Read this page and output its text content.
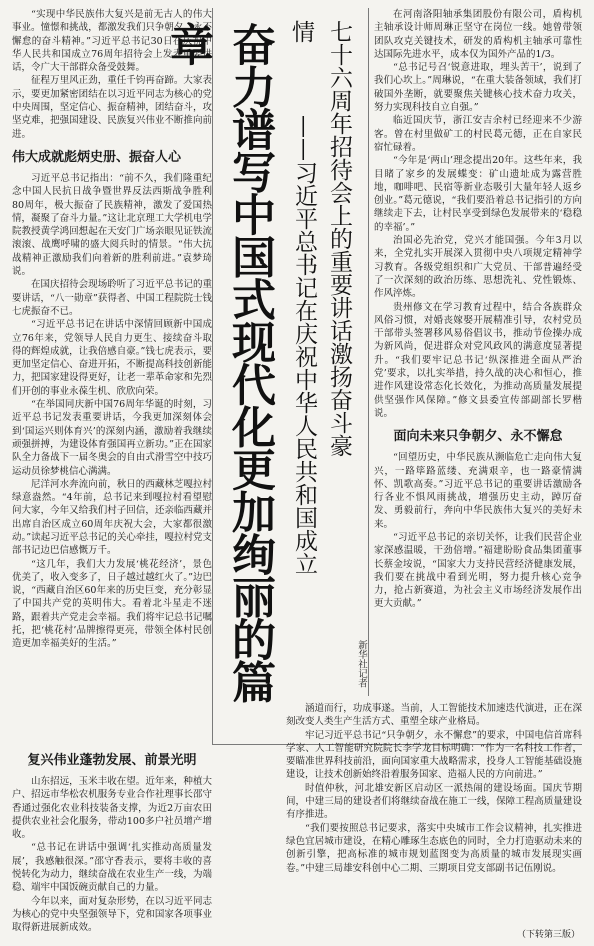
“实现中华民族伟大复兴是前无古人的伟大事业。憧憬和挑战，都激发我们只争朝夕、永不懈怠的奋斗精神。”习近平总书记30日在庆祝中华人民共和国成立76周年招待会上发表重要讲话，令广大干部群众备受鼓舞。

征程万里风正劲，重任千钧再奋蹄。大家表示，要更加紧密团结在以习近平同志为核心的党中央周围，坚定信心、振奋精神，团结奋斗，攻坚克难，把强国建设、民族复兴伟业不断推向前进。

伟大成就彪炳史册、振奋人心

习近平总书记指出：“前不久，我们隆重纪念中国人民抗日战争暨世界反法西斯战争胜利80周年，极大振奋了民族精神，激发了爱国热情，凝聚了奋斗力量。”这让北京理工大学机电学院教授黄学鸿回想起在天安门广场亲眼见证铁流滚滚、战鹰呼啸的盛大阅兵时的情景。“伟大抗战精神正激励我们向着新的胜利前进。”袁梦琦说。

在国庆招待会现场聆听了习近平总书记的重要讲话，“八一勋章”获得者、中国工程院院士钱七虎振奋不已。

“习近平总书记在讲话中深情回顾新中国成立76年来，党领导人民自力更生、接续奋斗取得的辉煌成就，让我倍感自豪。”钱七虎表示，要更加坚定信心、奋进开拓，不断提高科技创新能力，把国家建设得更好，让老一辈革命家和先烈们开创的事业永葆生机、欣欣向荣。

“在举国同庆新中国76周年华诞的时刻，习近平总书记发表重要讲话，今我更加深刻体会到‘国运兴则体育兴’的深刻内涵，激励着我继续顽强拼搏，为建设体育强国再立新功。”正在国家队全力备战下一届冬奥会的自由式滑雪空中技巧运动员徐梦桃信心满满。

尼洋河水奔流向前，秋日的西藏林芝嘎拉村绿意盎然。“4年前，总书记来到嘎拉村看望慰问大家，今年又给我们村子回信，还亲临西藏并出席自治区成立60周年庆祝大会，大家都很激动。”读起习近平总书记的关心牵挂，嘎拉村党支部书记边巴信感慨万千。

“这几年，我们大力发展‘桃花经济’，景色优美了，收入变多了，日子越过越红火了。”边巴说，“西藏自治区60年来的历史巨变，充分彰显了中国共产党的英明伟大。看着北斗星走不迷路，跟着共产党走会幸福。我们将牢记总书记嘱托，把‘桃花村’品牌擦得更亮，带领全体村民创造更加幸福美好的生活。”	奋力谱写中国式现代化更加绚丽的篇章	七十六周年招待会上的重要讲话激扬奋斗豪情
——习近平总书记在庆祝中华人民共和国成立
新华社记者

在河南洛阳轴承集团股份有限公司，盾构机主轴承设计师周琳正坚守在岗位一线。她曾带领团队攻克关键技术，研发的盾构机主轴承可靠性达国际先进水平，成本仅为国外产品的1/3。

“总书记号召‘锐意进取，埋头苦干’，说到了我们心坎上。”周琳说，“在重大装备领域，我们打破国外垄断，就要聚焦关键核心技术奋力攻关，努力实现科技自立自强。”

临近国庆节，浙江安吉余村已经迎来不少游客。曾在村里做矿工的村民葛元德，正在自家民宿忙碌着。

“今年是‘两山’理念提出20年。这些年来，我目睹了家乡的发展蝶变：矿山遗址成为露营胜地，咖啡吧、民宿等新业态吸引大量年轻人返乡创业。”葛元德说，“我们要沿着总书记指引的方向继续走下去，让村民享受到绿色发展带来的‘稳稳的幸福’。”

治国必先治党，党兴才能国强。今年3月以来，全党扎实开展深入贯彻中央八项规定精神学习教育。各级党组织和广大党员、干部普遍经受了一次深刻的政治历练、思想洗礼、党性锻炼、作风淬炼。

贵州修文在学习教育过程中，结合各族群众风俗习惯，对婚丧嫁娶开展精准引导，农村党员干部带头签署移风易俗倡议书，推动节俭操办成为新风尚，促进群众对党风政风的满意度显著提升。“我们要牢记总书记‘纵深推进全面从严治党’要求，以扎实举措，持久战的决心和恒心，推进作风建设常态化长效化，为推动高质量发展提供坚强作风保障。”修文县委宣传部副部长罗楷说。

面向未来只争朝夕、永不懈怠

“回望历史，中华民族从濒临危亡走向伟大复兴，一路筚路蓝缕、充满艰辛，也一路豪情满怀、凯歌高奏。”习近平总书记的重要讲话激励各行各业不惧风雨挑战，增强历史主动，踔厉奋发、勇毅前行，奔向中华民族伟大复兴的美好未来。

“习近平总书记的亲切关怀，让我们民营企业家深感温暖，干劲倍增。”福建盼盼食品集团董事长蔡金垵说，“国家大力支持民营经济健康发展，我们要在挑战中看到光明，努力提升核心竞争力，抢占新赛道，为社会主义市场经济发展作出更大贡献。”

复兴伟业蓬勃发展、前景光明

山东招远，玉米丰收在望。近年来，种植大户、招远市华松农机服务专业合作社理事长邵守香通过强化农业科技装备支撑，为近2万亩农田提供农业社会化服务，带动100多户社员增产增收。

“总书记在讲话中强调‘扎实推动高质量发展’，我感触很深。”邵守香表示，要将丰收的喜悦转化为动力，继续奋战在农业生产一线，为端稳、端牢中国饭碗贡献自己的力量。

今年以来，面对复杂形势，在以习近平同志为核心的党中央坚强领导下，党和国家各项事业取得新进展新成效。

涵道而行，功成事遂。当前，人工智能技术加速迭代演进，正在深刻改变人类生产生活方式、重塑全球产业格局。

牢记习近平总书记“只争朝夕，永不懈怠”的要求，中国电信首席科学家、人工智能研究院院长李学龙目标明确：“作为一名科技工作者，要瞄准世界科技前沿，面向国家重大战略需求，投身人工智能基础设施建设，让技术创新始终沿着服务国家、造福人民的方向前进。”

时值仲秋，河北雄安新区启动区一派热闹的建设场面。国庆节期间，中建三局的建设者们将继续奋战在施工一线，保障工程高质量建设有序推进。

“我们要按照总书记要求，落实中央城市工作会议精神，扎实推进绿色宜居城市建设，在精心雕琢生态底色的同时，全力打造驱动未来的创新引擎，把高标准的城市规划蓝图变为高质量的城市发展现实画卷。”中建三局雄安科创中心二期、三期项目党支部副书记伍刚说。

（下转第三版）
